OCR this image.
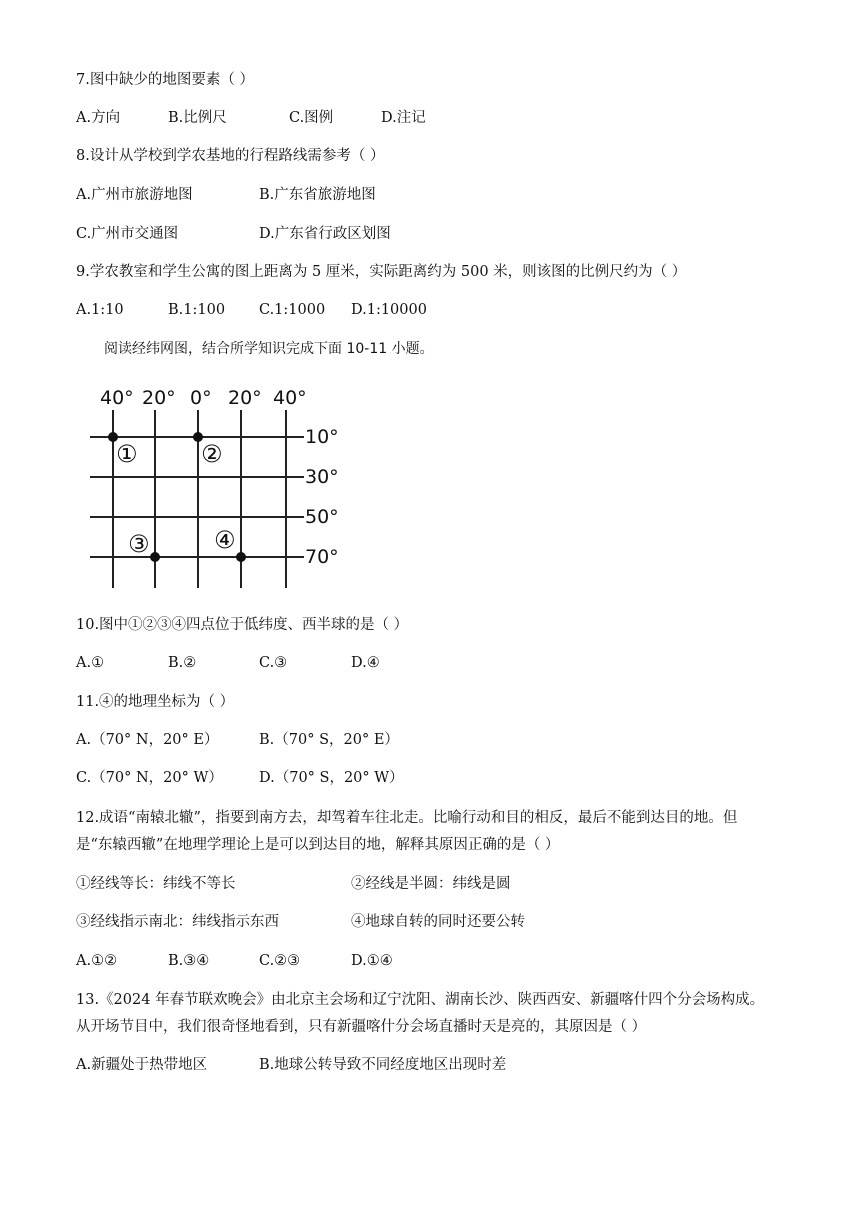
7.图中缺少的地图要素（ ）
A.方向	B.比例尺	C.图例	D.注记
8.设计从学校到学农基地的行程路线需参考（ ）
A.广州市旅游地图	B.广东省旅游地图
C.广州市交通图	D.广东省行政区划图
9.学农教室和学生公寓的图上距离为 5 厘米，实际距离约为 500 米，则该图的比例尺约为（ ）
A.1:10	B.1:100 C.1:1000 D.1:10000
阅读经纬网图，结合所学知识完成下面 10-11 小题。
40° 20° 0° 20° 40°
10°
30°
50°
70°
①	②
③	④
10.图中①②③④四点位于低纬度、西半球的是（ ）
A.①	B.②	C.③	D.④
11.④的地理坐标为（ ）
A.（70° N，20° E）	B.（70° S，20° E）
C.（70° N，20° W） D.（70° S，20° W）
12.成语“南辕北辙”，指要到南方去，却驾着车往北走。比喻行动和目的相反，最后不能到达目的地。但
是“东辕西辙”在地理学理论上是可以到达目的地，解释其原因正确的是（ ）
①经线等长：纬线不等长	②经线是半圆：纬线是圆
③经线指示南北：纬线指示东西	④地球自转的同时还要公转
A.①②	B.③④	C.②③	D.①④
13.《2024 年春节联欢晚会》由北京主会场和辽宁沈阳、湖南长沙、陕西西安、新疆喀什四个分会场构成。
从开场节目中，我们很奇怪地看到，只有新疆喀什分会场直播时天是亮的，其原因是（ ）
A.新疆处于热带地区	B.地球公转导致不同经度地区出现时差
